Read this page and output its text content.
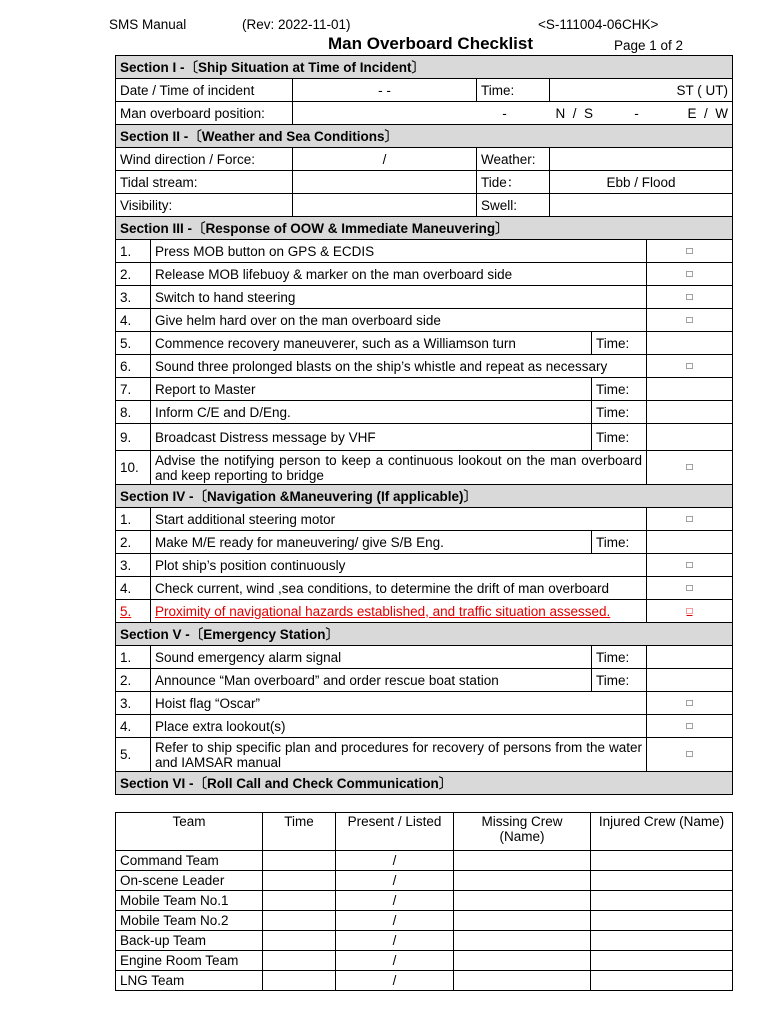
SMS Manual	(Rev: 2022-11-01)	<S-111004-06CHK>
Man Overboard Checklist	Page 1 of 2
Section I -〔Ship Situation at Time of Incident〕						
Date / Time of incident		- -	Time:	ST ( UT)		
Man overboard position:		-             N  /  S           -             E  /  W				
Section II -〔Weather and Sea Conditions〕						
Wind direction / Force:		/	Weather:			
Tidal stream:			Tide：	Ebb / Flood		
Visibility:			Swell:			
Section III -〔Response of OOW & Immediate Maneuvering〕						
1.	Press MOB button on GPS & ECDIS					□
2.	Release MOB lifebuoy & marker on the man overboard side					□
3.	Switch to hand steering					□
4.	Give helm hard over on the man overboard side					□
5.	Commence recovery maneuverer, such as a Williamson turn				Time:	
6.	Sound three prolonged blasts on the ship’s whistle and repeat as necessary					□
7.	Report to Master				Time:	
8.	Inform C/E and D/Eng.				Time:	
9.	Broadcast Distress message by VHF				Time:	
10.	Advise the notifying person to keep a continuous lookout on the man overboard and keep reporting to bridge					□
Section IV -〔Navigation &Maneuvering (If applicable)〕						
1.	Start additional steering motor					□
2.	Make M/E ready for maneuvering/ give S/B Eng.				Time:	
3.	Plot ship’s position continuously					□
4.	Check current, wind ,sea conditions, to determine the drift of man overboard					□
5.	Proximity of navigational hazards established, and traffic situation assessed.					□
Section V -〔Emergency Station〕						
1.	Sound emergency alarm signal				Time:	
2.	Announce “Man overboard” and order rescue boat station				Time:	
3.	Hoist flag “Oscar”					□
4.	Place extra lookout(s)					□
5.	Refer to ship specific plan and procedures for recovery of persons from the water and IAMSAR manual					□
Section VI -〔Roll Call and Check Communication〕						
Team	Time	Present / Listed	Missing Crew (Name)	Injured Crew (Name)
Command Team		/		
On-scene Leader		/		
Mobile Team No.1		/		
Mobile Team No.2		/		
Back-up Team		/		
Engine Room Team		/		
LNG Team		/		
